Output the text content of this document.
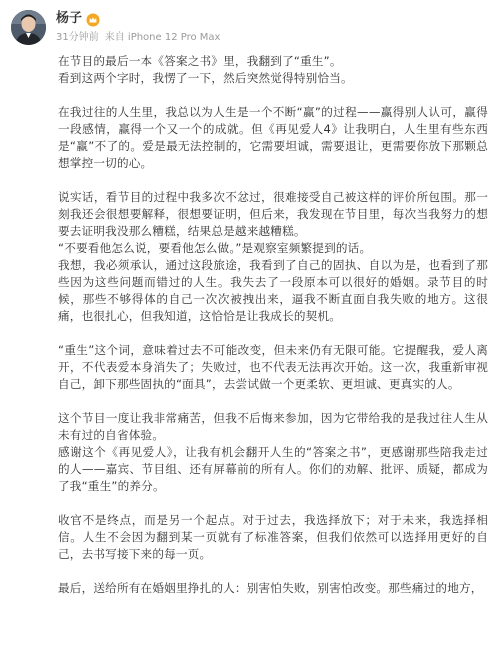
杨子
31分钟前 来自 iPhone 12 Pro Max

在节目的最后一本《答案之书》里，我翻到了“重生”。

看到这两个字时，我愣了一下，然后突然觉得特别恰当。

在我过往的人生里，我总以为人生是一个不断“赢”的过程——赢得别人认可，赢得一段感情，赢得一个又一个的成就。但《再见爱人4》让我明白，人生里有些东西是“赢”不了的。爱是最无法控制的，它需要坦诚，需要退让，更需要你放下那颗总想掌控一切的心。

说实话，看节目的过程中我多次不忿过，很难接受自己被这样的评价所包围。那一刻我还会很想要解释，很想要证明，但后来，我发现在节目里，每次当我努力的想要去证明我没那么糟糕，结果总是越来越糟糕。

“不要看他怎么说，要看他怎么做。”是观察室频繁提到的话。

我想，我必须承认，通过这段旅途，我看到了自己的固执、自以为是，也看到了那些因为这些问题而错过的人生。我失去了一段原本可以很好的婚姻。录节目的时候，那些不够得体的自己一次次被拽出来，逼我不断直面自我失败的地方。这很痛，也很扎心，但我知道，这恰恰是让我成长的契机。

“重生”这个词，意味着过去不可能改变，但未来仍有无限可能。它提醒我，爱人离开，不代表爱本身消失了；失败过，也不代表无法再次开始。这一次，我重新审视自己，卸下那些固执的“面具”，去尝试做一个更柔软、更坦诚、更真实的人。

这个节目一度让我非常痛苦，但我不后悔来参加，因为它带给我的是我过往人生从未有过的自省体验。

感谢这个《再见爱人》，让我有机会翻开人生的“答案之书”，更感谢那些陪我走过的人——嘉宾、节目组、还有屏幕前的所有人。你们的劝解、批评、质疑，都成为了我“重生”的养分。

收官不是终点，而是另一个起点。对于过去，我选择放下；对于未来，我选择相信。人生不会因为翻到某一页就有了标准答案，但我们依然可以选择用更好的自己，去书写接下来的每一页。

最后，送给所有在婚姻里挣扎的人：别害怕失败，别害怕改变。那些痛过的地方，
